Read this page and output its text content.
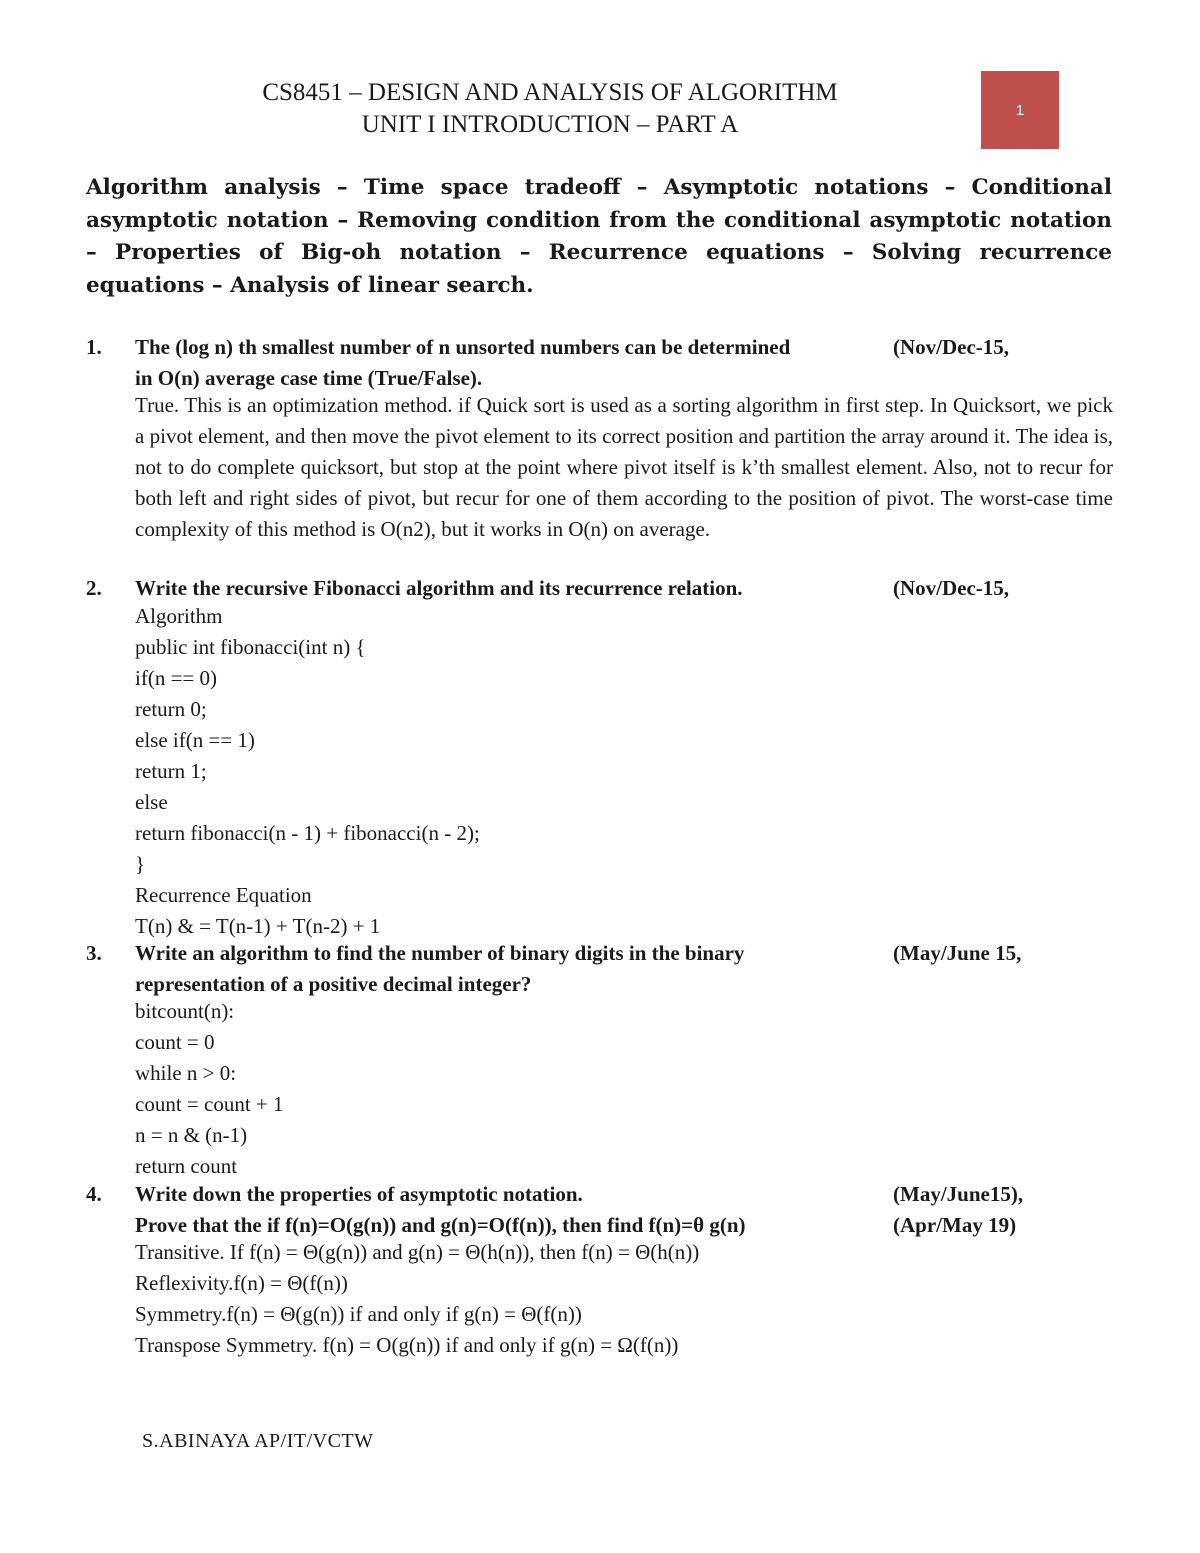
CS8451 – DESIGN AND ANALYSIS OF ALGORITHM
UNIT I INTRODUCTION – PART A
1
Algorithm analysis – Time space tradeoff – Asymptotic notations – Conditional asymptotic notation – Removing condition from the conditional asymptotic notation – Properties of Big-oh notation – Recurrence equations – Solving recurrence equations – Analysis of linear search.
1. The (log n) th smallest number of n unsorted numbers can be determined	(Nov/Dec-15,
in O(n) average case time (True/False).
True. This is an optimization method. if Quick sort is used as a sorting algorithm in first step. In Quicksort, we pick a pivot element, and then move the pivot element to its correct position and partition the array around it. The idea is, not to do complete quicksort, but stop at the point where pivot itself is k’th smallest element. Also, not to recur for both left and right sides of pivot, but recur for one of them according to the position of pivot. The worst-case time complexity of this method is O(n2), but it works in O(n) on average.
2. Write the recursive Fibonacci algorithm and its recurrence relation.	(Nov/Dec-15,
Algorithm
public int fibonacci(int n) {
if(n == 0)
return 0;
else if(n == 1)
return 1;
else
return fibonacci(n - 1) + fibonacci(n - 2);
}
Recurrence Equation
T(n) & = T(n-1) + T(n-2) + 1
3. Write an algorithm to find the number of binary digits in the binary	(May/June 15,
representation of a positive decimal integer?
bitcount(n):
count = 0
while n > 0:
count = count + 1
n = n & (n-1)
return count
4. Write down the properties of asymptotic notation.	(May/June15),
Prove that the if f(n)=O(g(n)) and g(n)=O(f(n)), then find f(n)=θ g(n)	(Apr/May 19)
Transitive. If f(n) = Θ(g(n)) and g(n) = Θ(h(n)), then f(n) = Θ(h(n))
Reflexivity.f(n) = Θ(f(n))
Symmetry.f(n) = Θ(g(n)) if and only if g(n) = Θ(f(n))
Transpose Symmetry. f(n) = O(g(n)) if and only if g(n) = Ω(f(n))
S.ABINAYA AP/IT/VCTW
